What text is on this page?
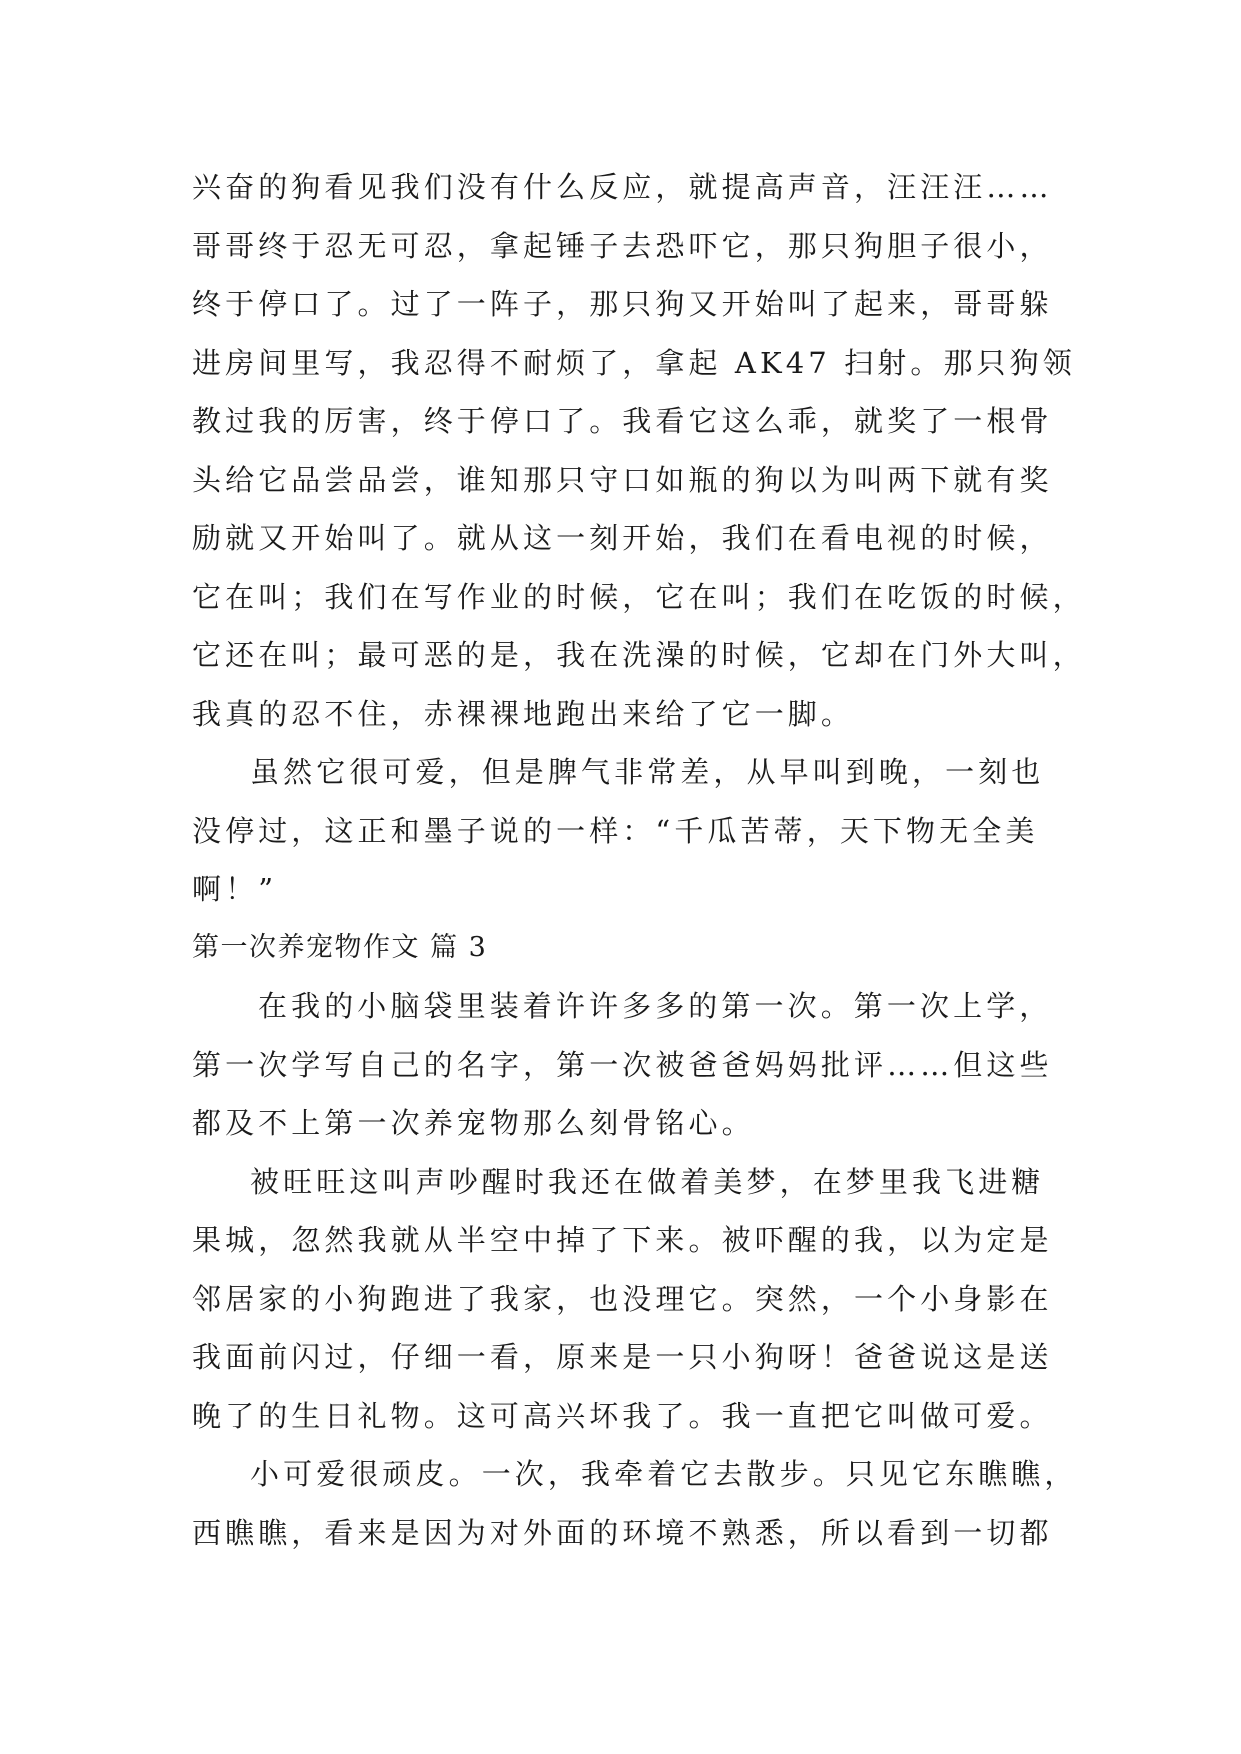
兴奋的狗看见我们没有什么反应，就提高声音，汪汪汪……
哥哥终于忍无可忍，拿起锤子去恐吓它，那只狗胆子很小，
终于停口了。过了一阵子，那只狗又开始叫了起来，哥哥躲
进房间里写，我忍得不耐烦了，拿起 AK47 扫射。那只狗领
教过我的厉害，终于停口了。我看它这么乖，就奖了一根骨
头给它品尝品尝，谁知那只守口如瓶的狗以为叫两下就有奖
励就又开始叫了。就从这一刻开始，我们在看电视的时候，
它在叫；我们在写作业的时候，它在叫；我们在吃饭的时候，
它还在叫；最可恶的是，我在洗澡的时候，它却在门外大叫，
我真的忍不住，赤裸裸地跑出来给了它一脚。
虽然它很可爱，但是脾气非常差，从早叫到晚，一刻也
没停过，这正和墨子说的一样：“千瓜苦蒂，天下物无全美
啊！”
第一次养宠物作文 篇 3
在我的小脑袋里装着许许多多的第一次。第一次上学，
第一次学写自己的名字，第一次被爸爸妈妈批评……但这些
都及不上第一次养宠物那么刻骨铭心。
被旺旺这叫声吵醒时我还在做着美梦，在梦里我飞进糖
果城，忽然我就从半空中掉了下来。被吓醒的我，以为定是
邻居家的小狗跑进了我家，也没理它。突然，一个小身影在
我面前闪过，仔细一看，原来是一只小狗呀！爸爸说这是送
晚了的生日礼物。这可高兴坏我了。我一直把它叫做可爱。
小可爱很顽皮。一次，我牵着它去散步。只见它东瞧瞧，
西瞧瞧，看来是因为对外面的环境不熟悉，所以看到一切都
